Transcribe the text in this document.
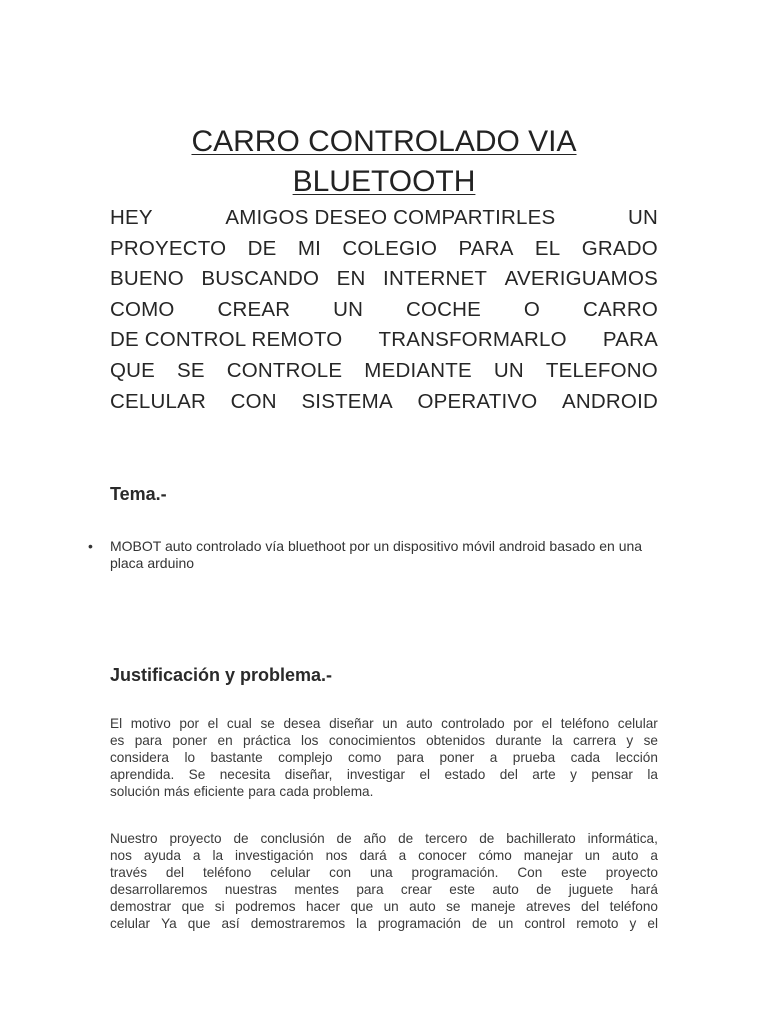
CARRO CONTROLADO VIA
BLUETOOTH
HEY	AMIGOS DESEO COMPARTIRLES	UN
PROYECTO DE MI COLEGIO PARA EL GRADO
BUENO BUSCANDO EN INTERNET AVERIGUAMOS
COMO CREAR UN COCHE O CARRO
DE CONTROL REMOTO TRANSFORMARLO PARA
QUE SE CONTROLE MEDIANTE UN TELEFONO
CELULAR CON SISTEMA OPERATIVO ANDROID
Tema.-
• MOBOT auto controlado vía bluethoot por un dispositivo móvil android basado en una placa arduino
Justificación y problema.-
El motivo por el cual se desea diseñar un auto controlado por el teléfono celular
es para poner en práctica los conocimientos obtenidos durante la carrera y se
considera lo bastante complejo como para poner a prueba cada lección
aprendida. Se necesita diseñar, investigar el estado del arte y pensar la
solución más eficiente para cada problema.
Nuestro proyecto de conclusión de año de tercero de bachillerato informática,
nos ayuda a la investigación nos dará a conocer cómo manejar un auto a
través del teléfono celular con una programación. Con este proyecto
desarrollaremos nuestras mentes para crear este auto de juguete hará
demostrar que si podremos hacer que un auto se maneje atreves del teléfono
celular Ya que así demostraremos la programación de un control remoto y el
